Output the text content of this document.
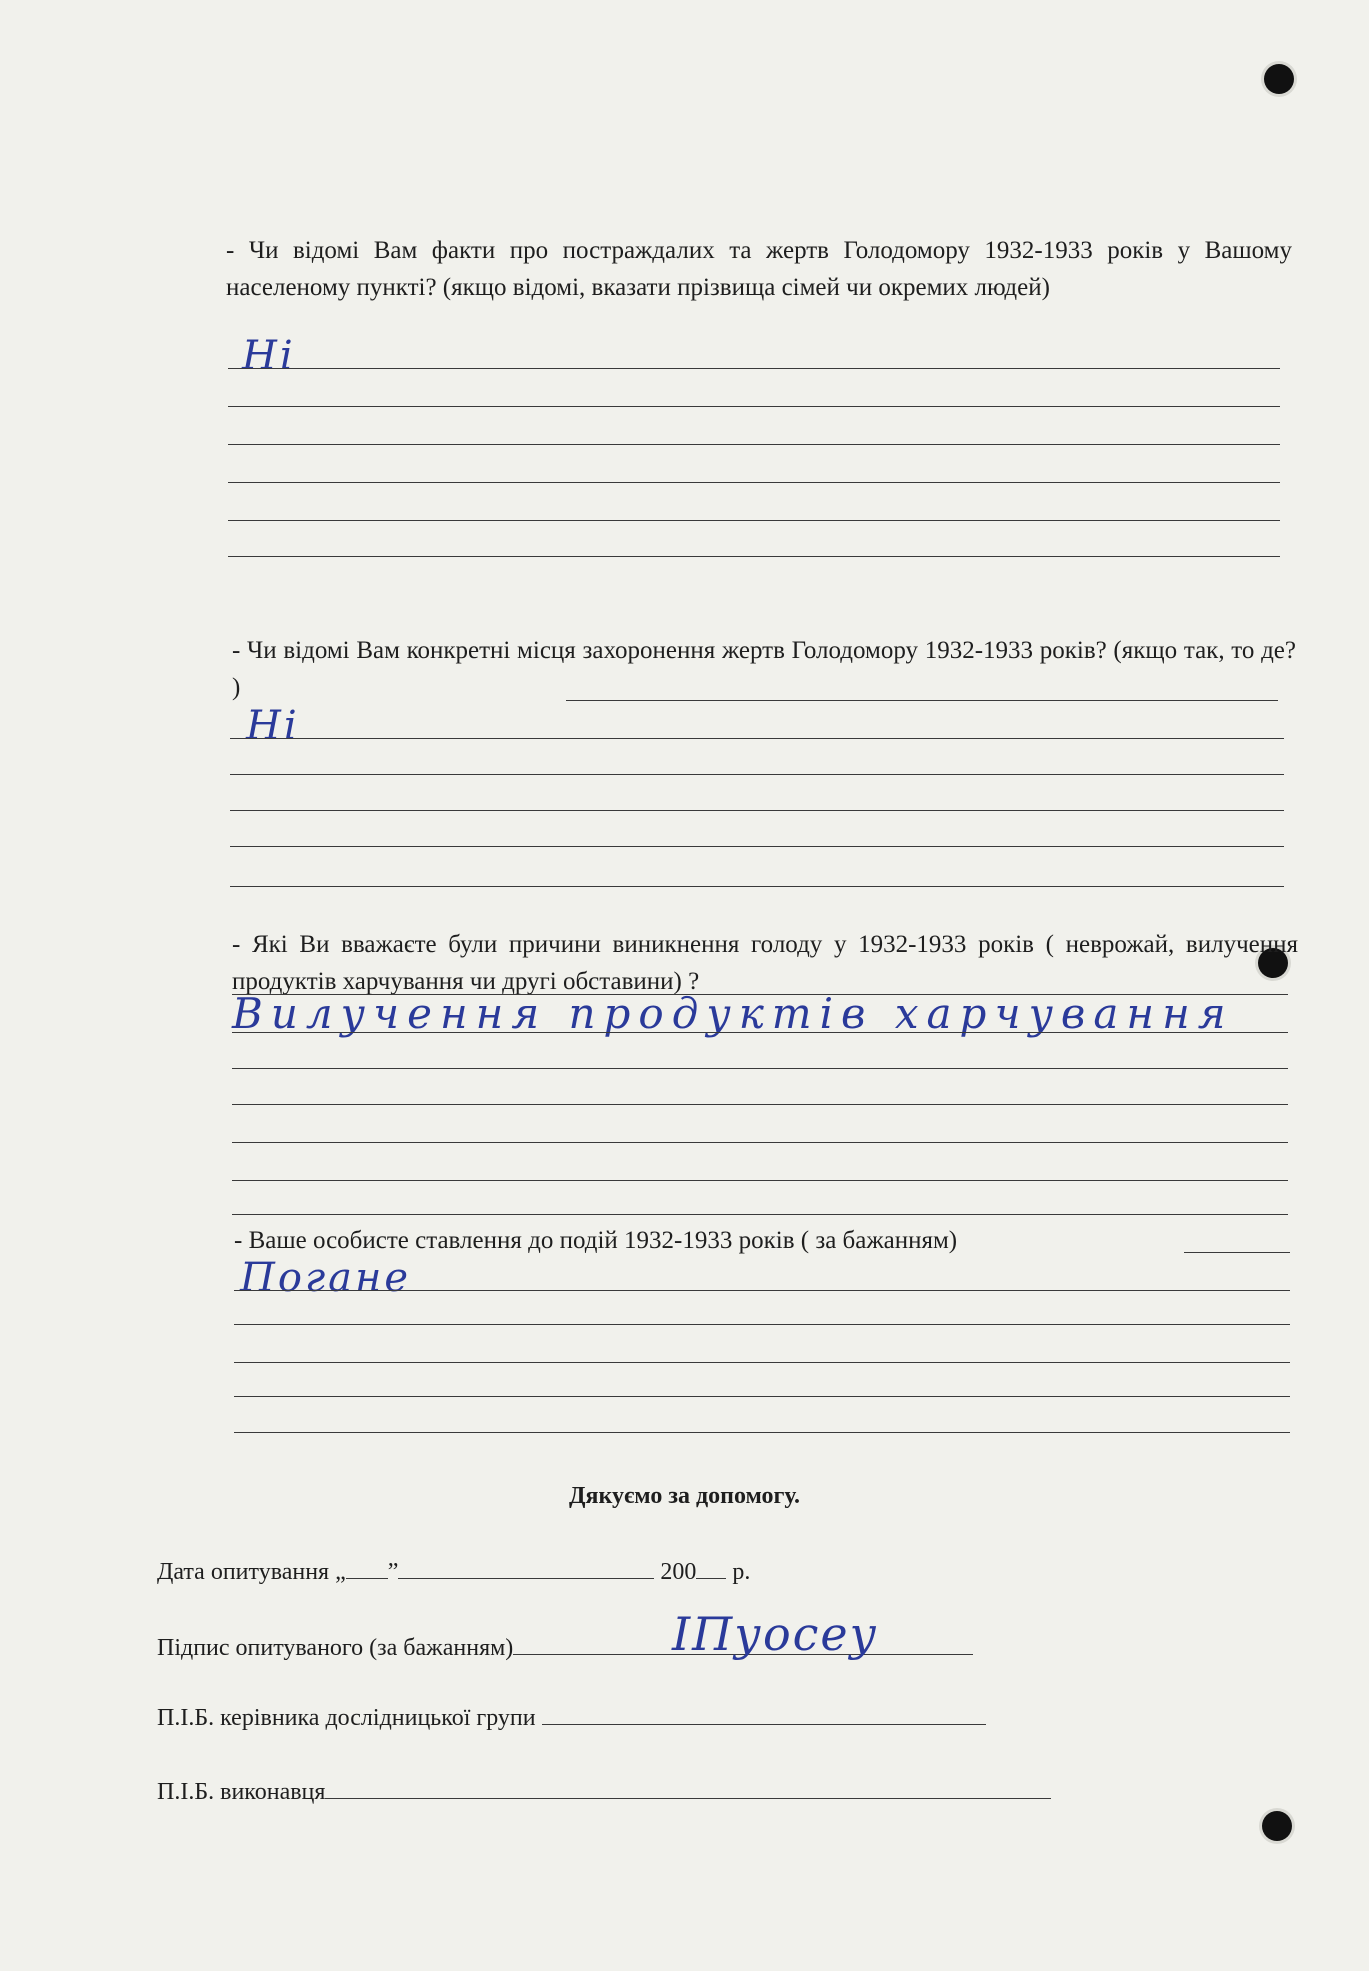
- Чи відомі Вам факти про постраждалих та жертв Голодомору 1932-1933 років у Вашому населеному пункті? (якщо відомі, вказати прізвища сімей чи окремих людей)
Ні
- Чи відомі Вам конкретні місця захоронення жертв Голодомору 1932-1933 років? (якщо так, то де? )
Ні
- Які Ви вважаєте були причини виникнення голоду у 1932-1933 років ( неврожай, вилучення продуктів харчування чи другі обставини) ?
Вилучення продуктів харчування
- Ваше особисте ставлення до подій 1932-1933 років ( за бажанням)
Погане
Дякуємо за допомогу.
Дата опитування „ ”	200 р.
Підпис опитуваного (за бажанням)	ІПуосеу
П.І.Б. керівника дослідницької групи
П.І.Б. виконавця
